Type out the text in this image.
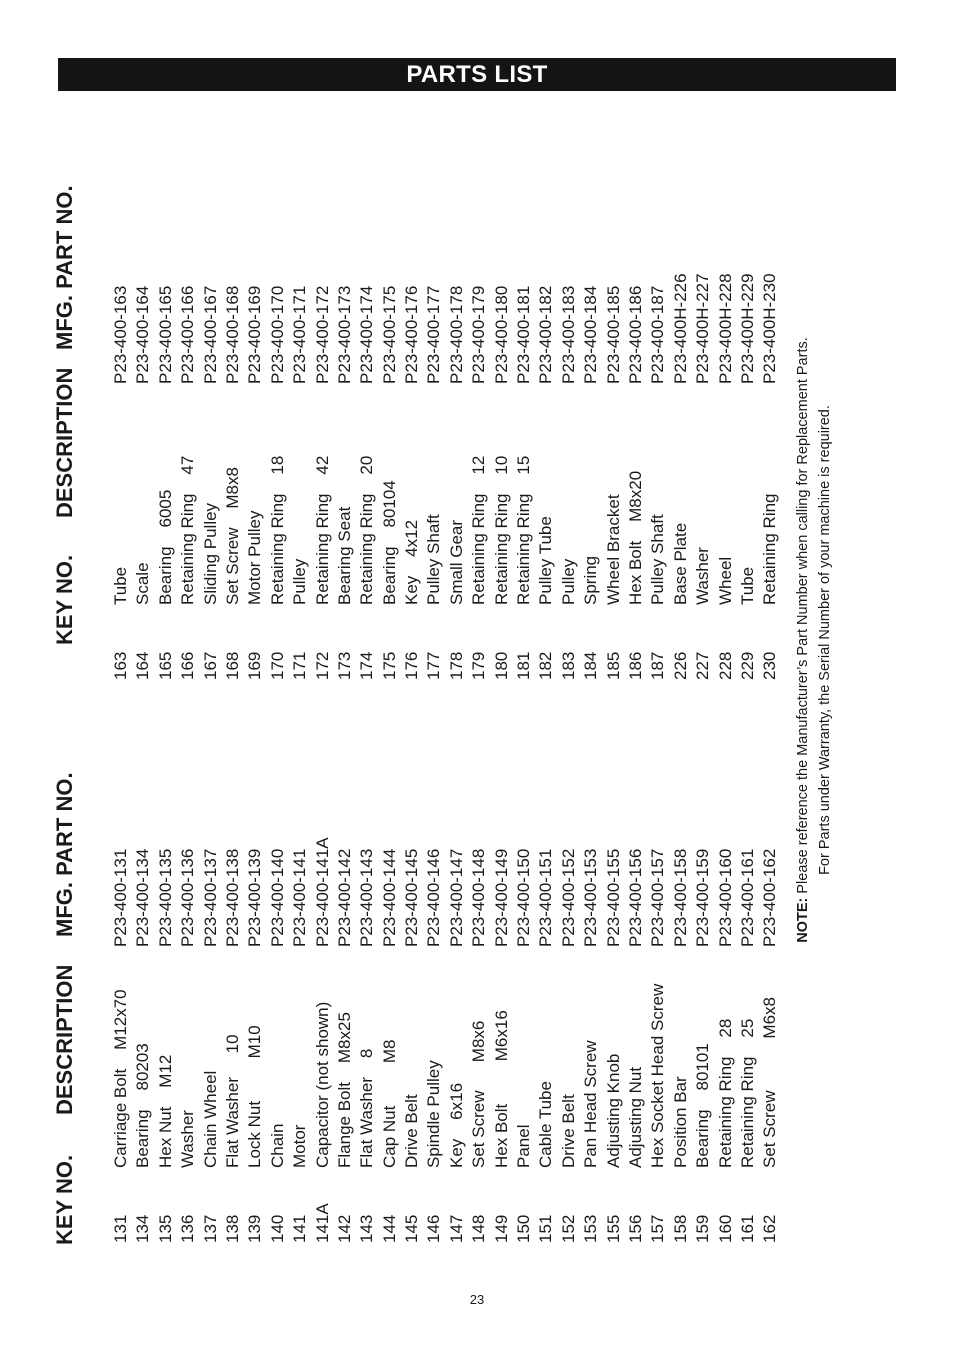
PARTS LIST
KEY NO.
DESCRIPTION
MFG. PART NO.
KEY NO.
DESCRIPTION
MFG. PART NO.
131
Carriage Bolt    M12x70
P23-400-131
134
Bearing    80203
P23-400-134
135
Hex Nut    M12
P23-400-135
136
Washer
P23-400-136
137
Chain Wheel
P23-400-137
138
Flat Washer     10
P23-400-138
139
Lock Nut         M10
P23-400-139
140
Chain
P23-400-140
141
Motor
P23-400-141
141A
Capacitor (not shown)
P23-400-141A
142
Flange Bolt    M8x25
P23-400-142
143
Flat Washer    8
P23-400-143
144
Cap Nut         M8
P23-400-144
145
Drive Belt
P23-400-145
146
Spindle Pulley
P23-400-146
147
Key    6x16
P23-400-147
148
Set Screw      M8x6
P23-400-148
149
Hex Bolt         M6x16
P23-400-149
150
Panel
P23-400-150
151
Cable Tube
P23-400-151
152
Drive Belt
P23-400-152
153
Pan Head Screw
P23-400-153
155
Adjusting Knob
P23-400-155
156
Adjusting Nut
P23-400-156
157
Hex Socket Head Screw
P23-400-157
158
Position Bar
P23-400-158
159
Bearing    80101
P23-400-159
160
Retaining Ring    28
P23-400-160
161
Retaining Ring    25
P23-400-161
162
Set Screw           M6x8
P23-400-162
163
Tube
P23-400-163
164
Scale
P23-400-164
165
Bearing    6005
P23-400-165
166
Retaining Ring    47
P23-400-166
167
Sliding Pulley
P23-400-167
168
Set Screw    M8x8
P23-400-168
169
Motor Pulley
P23-400-169
170
Retaining Ring    18
P23-400-170
171
Pulley
P23-400-171
172
Retaining Ring    42
P23-400-172
173
Bearing Seat
P23-400-173
174
Retaining Ring    20
P23-400-174
175
Bearing    80104
P23-400-175
176
Key    4x12
P23-400-176
177
Pulley Shaft
P23-400-177
178
Small Gear
P23-400-178
179
Retaining Ring    12
P23-400-179
180
Retaining Ring    10
P23-400-180
181
Retaining Ring    15
P23-400-181
182
Pulley Tube
P23-400-182
183
Pulley
P23-400-183
184
Spring
P23-400-184
185
Wheel Bracket
P23-400-185
186
Hex Bolt    M8x20
P23-400-186
187
Pulley Shaft
P23-400-187
226
Base Plate
P23-400H-226
227
Washer
P23-400H-227
228
Wheel
P23-400H-228
229
Tube
P23-400H-229
230
Retaining Ring
P23-400H-230
NOTE: Please reference the Manufacturer’s Part Number when calling for Replacement Parts. For Parts under Warranty, the Serial Number of your machine is required.
23
